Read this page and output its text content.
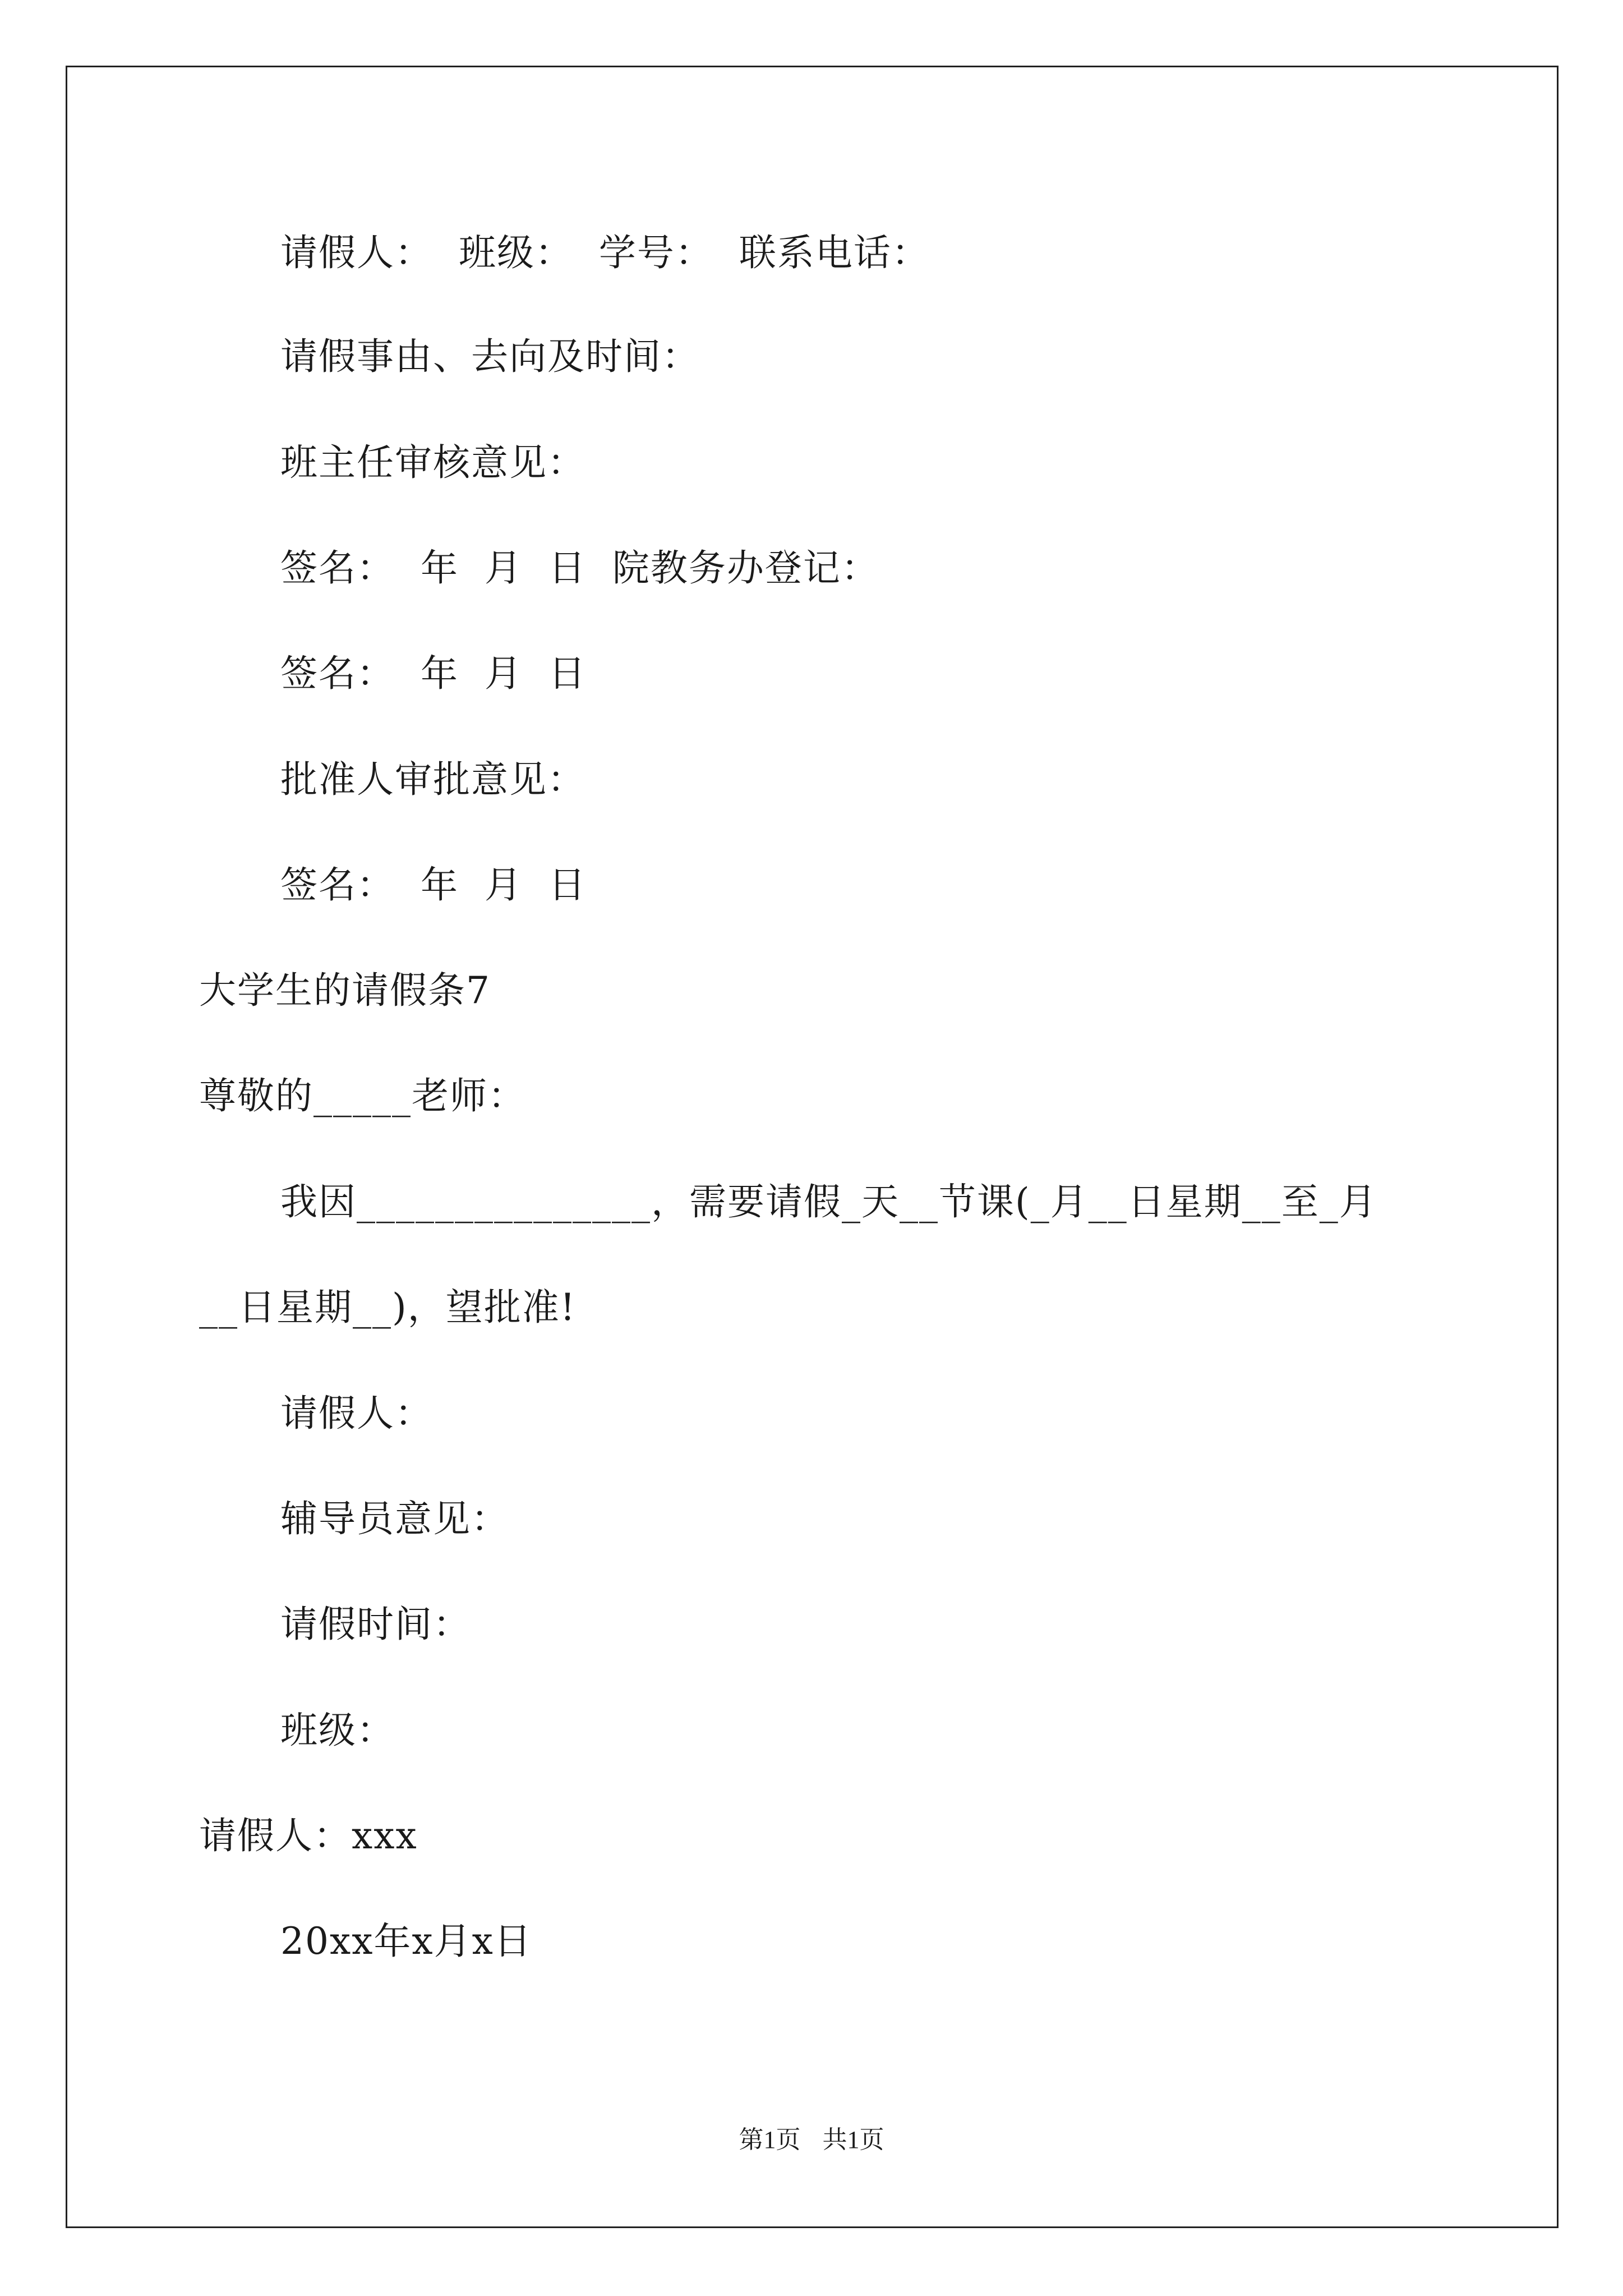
请假人：  班级：  学号：  联系电话：
请假事由、去向及时间：
班主任审核意见：
签名：  年  月  日  院教务办登记：
签名：  年  月  日
批准人审批意见：
签名：  年  月  日
大学生的请假条7
尊敬的_____老师：
我因_______________，需要请假_天__节课(_月__日星期__至_月
__日星期__)，望批准!
请假人：
辅导员意见：
请假时间：
班级：
请假人：xxx
20xx年x月x日
第1页 共1页
